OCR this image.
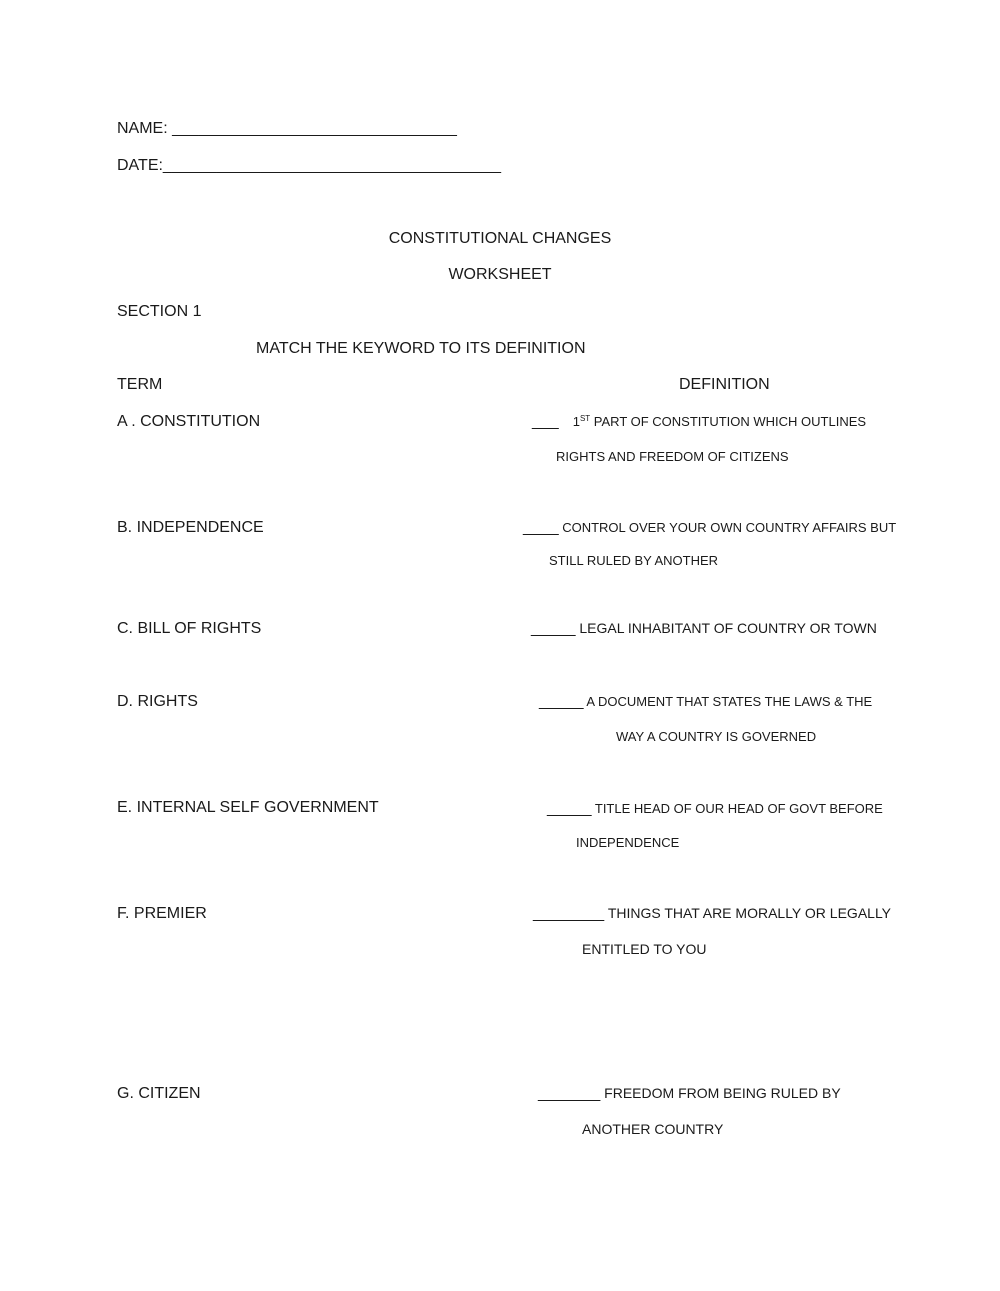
NAME: ________________________________
DATE:______________________________________
CONSTITUTIONAL CHANGES
WORKSHEET
SECTION 1
MATCH THE KEYWORD TO ITS DEFINITION
TERM	DEFINITION
A . CONSTITUTION
B. INDEPENDENCE
C. BILL OF RIGHTS
D. RIGHTS
E. INTERNAL SELF GOVERNMENT
F. PREMIER
G. CITIZEN
___ 1ST PART OF CONSTITUTION WHICH OUTLINES
RIGHTS AND FREEDOM OF CITIZENS
____ CONTROL OVER YOUR OWN COUNTRY AFFAIRS BUT
STILL RULED BY ANOTHER
_____ LEGAL INHABITANT OF COUNTRY OR TOWN
_____ A DOCUMENT THAT STATES THE LAWS & THE
WAY A COUNTRY IS GOVERNED
_____ TITLE HEAD OF OUR HEAD OF GOVT BEFORE
INDEPENDENCE
________ THINGS THAT ARE MORALLY OR LEGALLY
ENTITLED TO YOU
_______ FREEDOM FROM BEING RULED BY
ANOTHER COUNTRY
